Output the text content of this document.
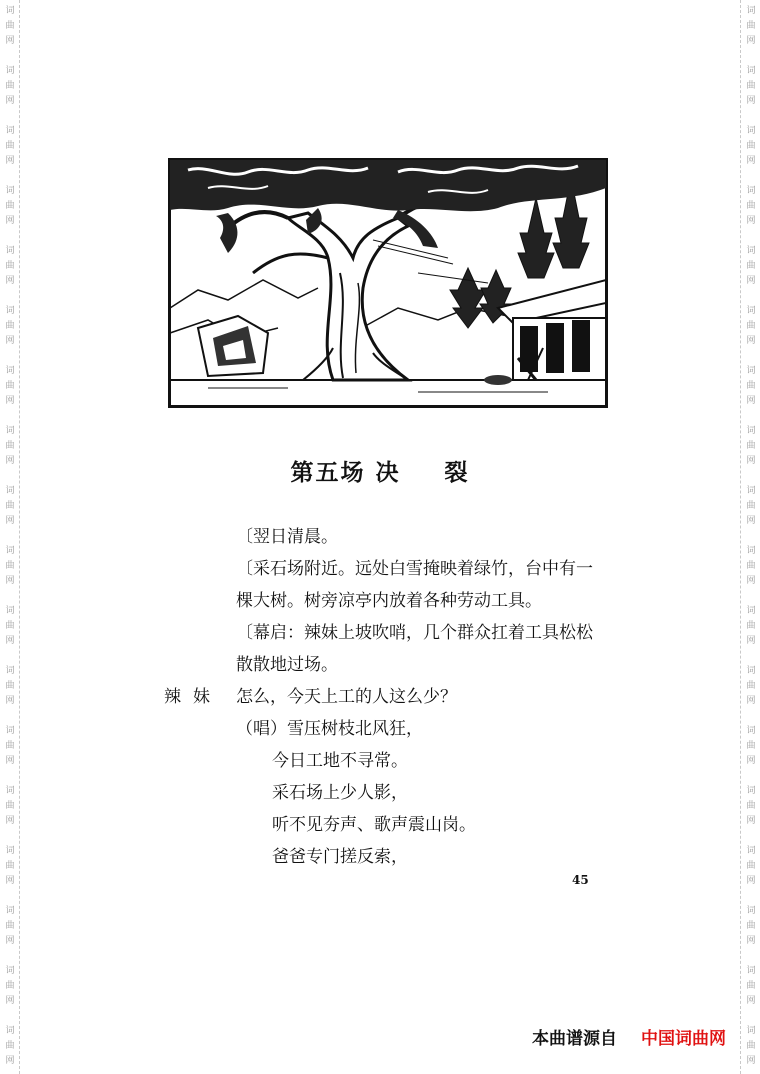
词
曲
网
词
曲
网
词
曲
网
词
曲
网
词
曲
网
词
曲
网
词
曲
网
词
曲
网
词
曲
网
词
曲
网
词
曲
网
词
曲
网
词
曲
网
词
曲
网
词
曲
网
词
曲
网
词
曲
网
词
曲
网
词
曲
网
词
曲
网
词
曲
网
词
曲
网
词
曲
网
词
曲
网
词
曲
网
词
曲
网
词
曲
网
词
曲
网
词
曲
网
词
曲
网
词
曲
网
词
曲
网
词
曲
网
词
曲
网
词
曲
网
词
曲
网
第五场 决 裂
〔翌日清晨。
〔采石场附近。远处白雪掩映着绿竹，台中有一
棵大树。树旁凉亭内放着各种劳动工具。
〔幕启：辣妹上坡吹哨，几个群众扛着工具松松
散散地过场。
辣妹 怎么，今天上工的人这么少？
（唱）雪压树枝北风狂，
今日工地不寻常。
采石场上少人影，
听不见夯声、歌声震山岗。
爸爸专门搓反索，
45
本曲谱源自 中国词曲网
